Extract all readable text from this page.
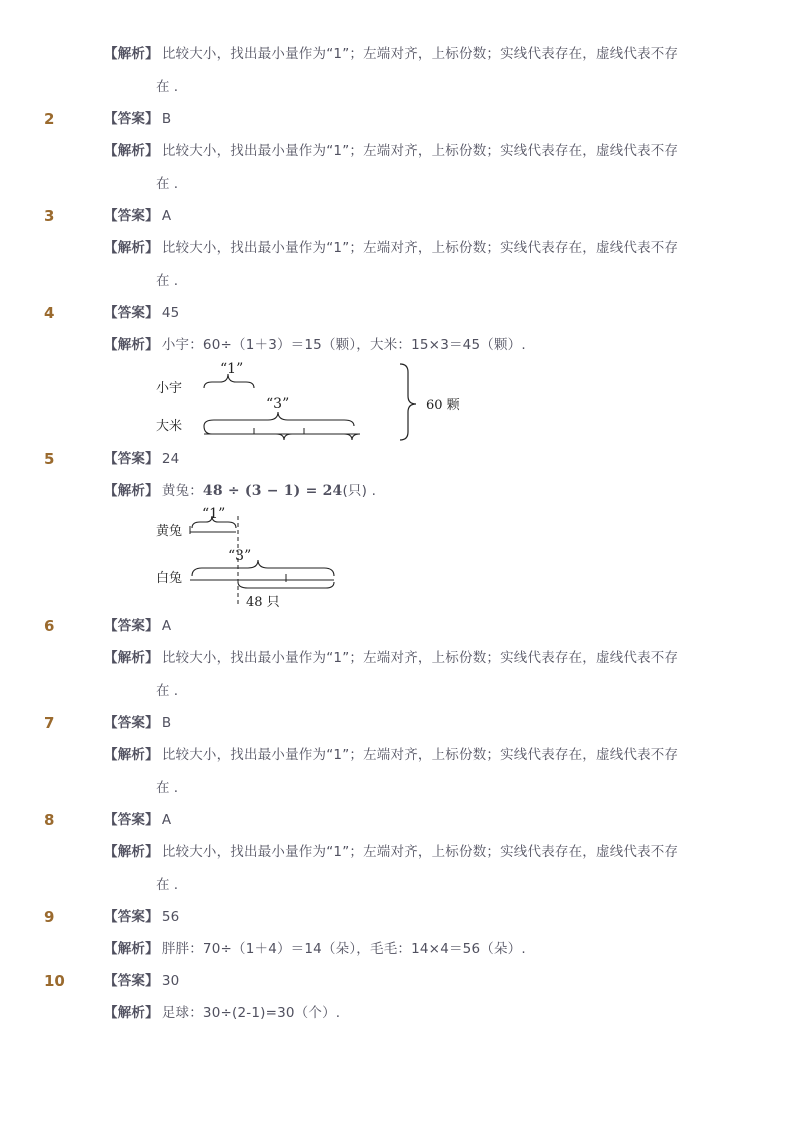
【解析】 比较大小，找出最小量作为“1”；左端对齐，上标份数；实线代表存在，虚线代表不存
在 .
2	【答案】 B
【解析】 比较大小，找出最小量作为“1”；左端对齐，上标份数；实线代表存在，虚线代表不存
在 .
3	【答案】 A
【解析】 比较大小，找出最小量作为“1”；左端对齐，上标份数；实线代表存在，虚线代表不存
在 .
4	【答案】 45
【解析】 小宇：60÷（1＋3）＝15（颗），大米：15×3＝45（颗）.
小宇
大米
“1”
“3”	60 颗
5	【答案】 24
【解析】 黄兔：48 ÷ (3 − 1) = 24(只) .
黄兔
白兔
“1”
“3”
48 只
6	【答案】 A
【解析】 比较大小，找出最小量作为“1”；左端对齐，上标份数；实线代表存在，虚线代表不存
在 .
7	【答案】 B
【解析】 比较大小，找出最小量作为“1”；左端对齐，上标份数；实线代表存在，虚线代表不存
在 .
8	【答案】 A
【解析】 比较大小，找出最小量作为“1”；左端对齐，上标份数；实线代表存在，虚线代表不存
在 .
9	【答案】 56
【解析】 胖胖：70÷（1＋4）＝14（朵），毛毛：14×4＝56（朵）.
10	【答案】 30
【解析】 足球：30÷(2-1)=30（个）.
